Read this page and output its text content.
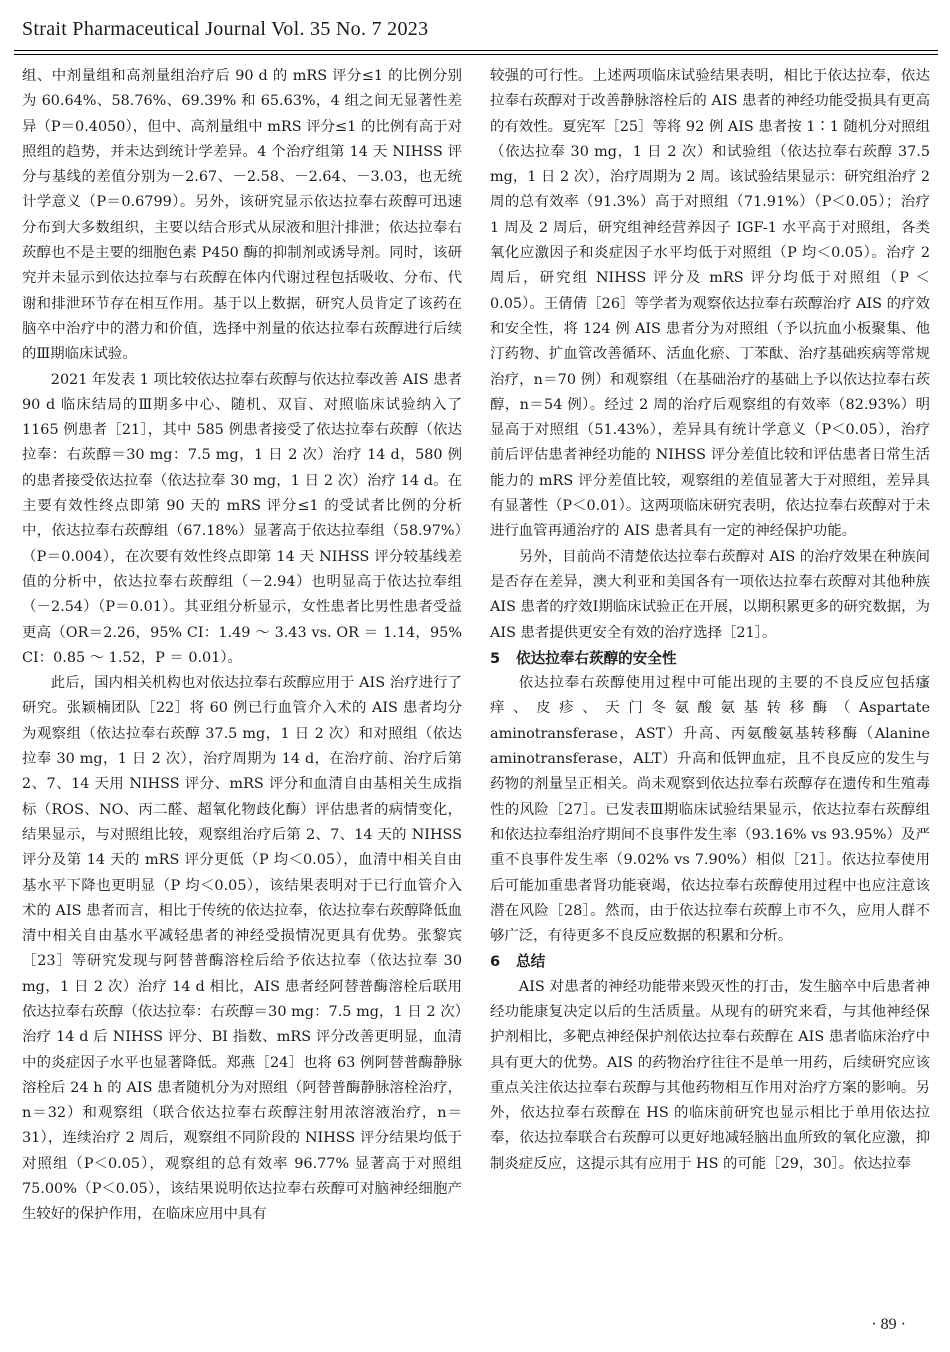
Strait Pharmaceutical Journal Vol. 35 No. 7 2023

组、中剂量组和高剂量组治疗后 90 d 的 mRS 评分≤1 的比例分别为 60.64%、58.76%、69.39% 和 65.63%，4 组之间无显著性差异（P＝0.4050），但中、高剂量组中 mRS 评分≤1 的比例有高于对照组的趋势，并未达到统计学差异。4 个治疗组第 14 天 NIHSS 评分与基线的差值分别为－2.67、－2.58、－2.64、－3.03，也无统计学意义（P＝0.6799）。另外，该研究显示依达拉奉右莰醇可迅速分布到大多数组织，主要以结合形式从尿液和胆汁排泄；依达拉奉右莰醇也不是主要的细胞色素 P450 酶的抑制剂或诱导剂。同时，该研究并未显示到依达拉奉与右莰醇在体内代谢过程包括吸收、分布、代谢和排泄环节存在相互作用。基于以上数据，研究人员肯定了该药在脑卒中治疗中的潜力和价值，选择中剂量的依达拉奉右莰醇进行后续的Ⅲ期临床试验。

2021 年发表 1 项比较依达拉奉右莰醇与依达拉奉改善 AIS 患者 90 d 临床结局的Ⅲ期多中心、随机、双盲、对照临床试验纳入了 1165 例患者［21］，其中 585 例患者接受了依达拉奉右莰醇（依达拉奉：右莰醇＝30 mg：7.5 mg，1 日 2 次）治疗 14 d，580 例的患者接受依达拉奉（依达拉奉 30 mg，1 日 2 次）治疗 14 d。在主要有效性终点即第 90 天的 mRS 评分≤1 的受试者比例的分析中，依达拉奉右莰醇组（67.18%）显著高于依达拉奉组（58.97%）（P＝0.004），在次要有效性终点即第 14 天 NIHSS 评分较基线差值的分析中，依达拉奉右莰醇组（－2.94）也明显高于依达拉奉组（－2.54）（P＝0.01）。其亚组分析显示，女性患者比男性患者受益更高（OR＝2.26，95% CI：1.49 ～ 3.43 vs. OR ＝ 1.14，95% CI：0.85 ～ 1.52，P ＝ 0.01）。

此后，国内相关机构也对依达拉奉右莰醇应用于 AIS 治疗进行了研究。张颖楠团队［22］将 60 例已行血管介入术的 AIS 患者均分为观察组（依达拉奉右莰醇 37.5 mg，1 日 2 次）和对照组（依达拉奉 30 mg，1 日 2 次），治疗周期为 14 d，在治疗前、治疗后第 2、7、14 天用 NIHSS 评分、mRS 评分和血清自由基相关生成指标（ROS、NO、丙二醛、超氧化物歧化酶）评估患者的病情变化，结果显示，与对照组比较，观察组治疗后第 2、7、14 天的 NIHSS 评分及第 14 天的 mRS 评分更低（P 均＜0.05），血清中相关自由基水平下降也更明显（P 均＜0.05），该结果表明对于已行血管介入术的 AIS 患者而言，相比于传统的依达拉奉，依达拉奉右莰醇降低血清中相关自由基水平减轻患者的神经受损情况更具有优势。张黎宾［23］等研究发现与阿替普酶溶栓后给予依达拉奉（依达拉奉 30 mg，1 日 2 次）治疗 14 d 相比，AIS 患者经阿替普酶溶栓后联用依达拉奉右莰醇（依达拉奉：右莰醇＝30 mg：7.5 mg，1 日 2 次）治疗 14 d 后 NIHSS 评分、BI 指数、mRS 评分改善更明显，血清中的炎症因子水平也显著降低。郑燕［24］也将 63 例阿替普酶静脉溶栓后 24 h 的 AIS 患者随机分为对照组（阿替普酶静脉溶栓治疗，n＝32）和观察组（联合依达拉奉右莰醇注射用浓溶液治疗，n＝31），连续治疗 2 周后，观察组不同阶段的 NIHSS 评分结果均低于对照组（P＜0.05），观察组的总有效率 96.77% 显著高于对照组 75.00%（P＜0.05），该结果说明依达拉奉右莰醇可对脑神经细胞产生较好的保护作用，在临床应用中具有

较强的可行性。上述两项临床试验结果表明，相比于依达拉奉，依达拉奉右莰醇对于改善静脉溶栓后的 AIS 患者的神经功能受损具有更高的有效性。夏宪军［25］等将 92 例 AIS 患者按 1∶1 随机分对照组（依达拉奉 30 mg，1 日 2 次）和试验组（依达拉奉右莰醇 37.5 mg，1 日 2 次），治疗周期为 2 周。该试验结果显示：研究组治疗 2 周的总有效率（91.3%）高于对照组（71.91%）（P＜0.05）；治疗 1 周及 2 周后，研究组神经营养因子 IGF-1 水平高于对照组，各类氧化应激因子和炎症因子水平均低于对照组（P 均＜0.05）。治疗 2 周后，研究组 NIHSS 评分及 mRS 评分均低于对照组（P ＜ 0.05）。王倩倩［26］等学者为观察依达拉奉右莰醇治疗 AIS 的疗效和安全性，将 124 例 AIS 患者分为对照组（予以抗血小板聚集、他汀药物、扩血管改善循环、活血化瘀、丁苯酞、治疗基础疾病等常规治疗，n＝70 例）和观察组（在基础治疗的基础上予以依达拉奉右莰醇，n＝54 例）。经过 2 周的治疗后观察组的有效率（82.93%）明显高于对照组（51.43%），差异具有统计学意义（P＜0.05），治疗前后评估患者神经功能的 NIHSS 评分差值比较和评估患者日常生活能力的 mRS 评分差值比较，观察组的差值显著大于对照组，差异具有显著性（P＜0.01）。这两项临床研究表明，依达拉奉右莰醇对于未进行血管再通治疗的 AIS 患者具有一定的神经保护功能。

另外，目前尚不清楚依达拉奉右莰醇对 AIS 的治疗效果在种族间是否存在差异，澳大利亚和美国各有一项依达拉奉右莰醇对其他种族 AIS 患者的疗效Ⅰ期临床试验正在开展，以期积累更多的研究数据，为 AIS 患者提供更安全有效的治疗选择［21］。

5 依达拉奉右莰醇的安全性

依达拉奉右莰醇使用过程中可能出现的主要的不良反应包括瘙痒、皮疹、天门冬氨酸氨基转移酶（Aspartate aminotransferase，AST）升高、丙氨酸氨基转移酶（Alanine aminotransferase，ALT）升高和低钾血症，且不良反应的发生与药物的剂量呈正相关。尚未观察到依达拉奉右莰醇存在遗传和生殖毒性的风险［27］。已发表Ⅲ期临床试验结果显示，依达拉奉右莰醇组和依达拉奉组治疗期间不良事件发生率（93.16% vs 93.95%）及严重不良事件发生率（9.02% vs 7.90%）相似［21］。依达拉奉使用后可能加重患者肾功能衰竭，依达拉奉右莰醇使用过程中也应注意该潜在风险［28］。然而，由于依达拉奉右莰醇上市不久，应用人群不够广泛，有待更多不良反应数据的积累和分析。

6 总结

AIS 对患者的神经功能带来毁灭性的打击，发生脑卒中后患者神经功能康复决定以后的生活质量。从现有的研究来看，与其他神经保护剂相比，多靶点神经保护剂依达拉奉右莰醇在 AIS 患者临床治疗中具有更大的优势。AIS 的药物治疗往往不是单一用药，后续研究应该重点关注依达拉奉右莰醇与其他药物相互作用对治疗方案的影响。另外，依达拉奉右莰醇在 HS 的临床前研究也显示相比于单用依达拉奉，依达拉奉联合右莰醇可以更好地减轻脑出血所致的氧化应激，抑制炎症反应，这提示其有应用于 HS 的可能［29，30］。依达拉奉

· 89 ·
